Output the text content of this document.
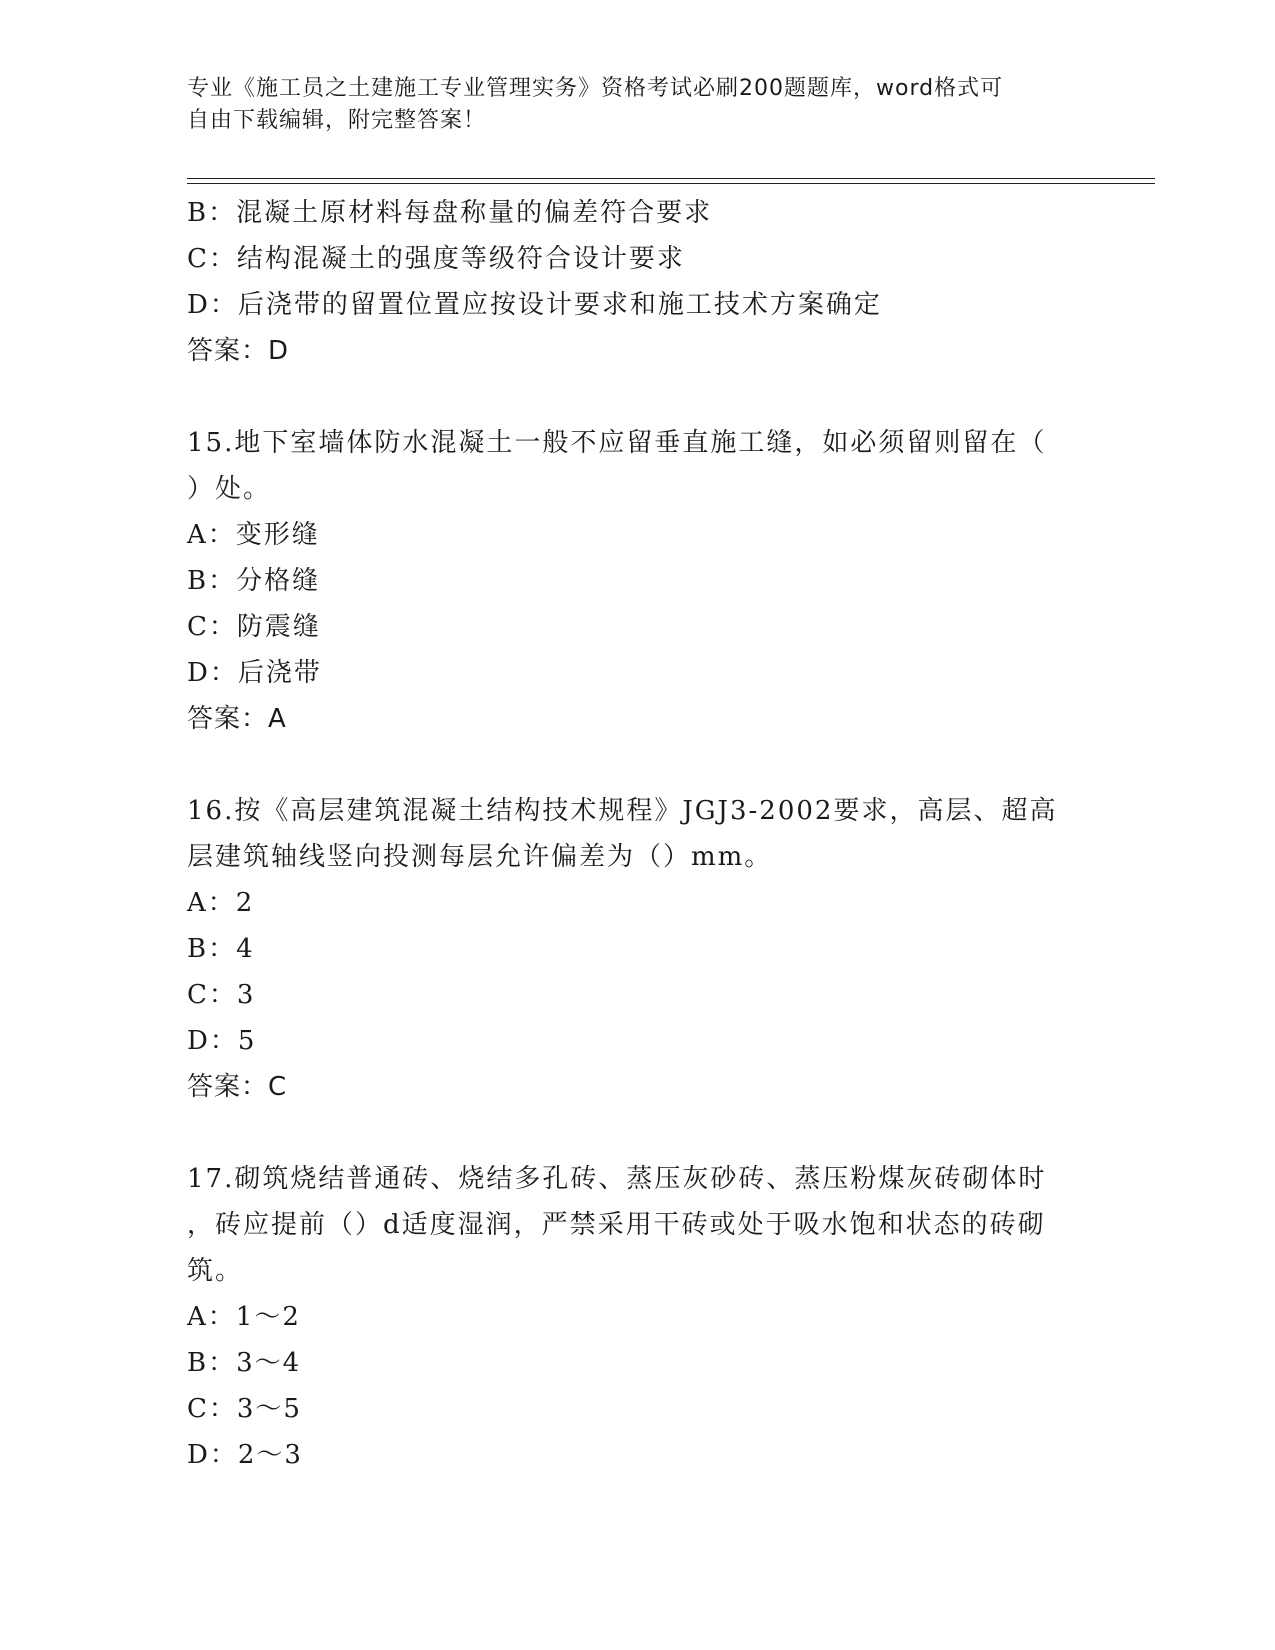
专业《施工员之土建施工专业管理实务》资格考试必刷200题题库，word格式可
自由下载编辑，附完整答案！
B：混凝土原材料每盘称量的偏差符合要求
C：结构混凝土的强度等级符合设计要求
D：后浇带的留置位置应按设计要求和施工技术方案确定
答案：D
15.地下室墙体防水混凝土一般不应留垂直施工缝，如必须留则留在（
）处。
A：变形缝
B：分格缝
C：防震缝
D：后浇带
答案：A
16.按《高层建筑混凝土结构技术规程》JGJ3-2002要求，高层、超高
层建筑轴线竖向投测每层允许偏差为（）mm。
A：2
B：4
C：3
D：5
答案：C
17.砌筑烧结普通砖、烧结多孔砖、蒸压灰砂砖、蒸压粉煤灰砖砌体时
，砖应提前（）d适度湿润，严禁采用干砖或处于吸水饱和状态的砖砌
筑。
A：1～2
B：3～4
C：3～5
D：2～3
